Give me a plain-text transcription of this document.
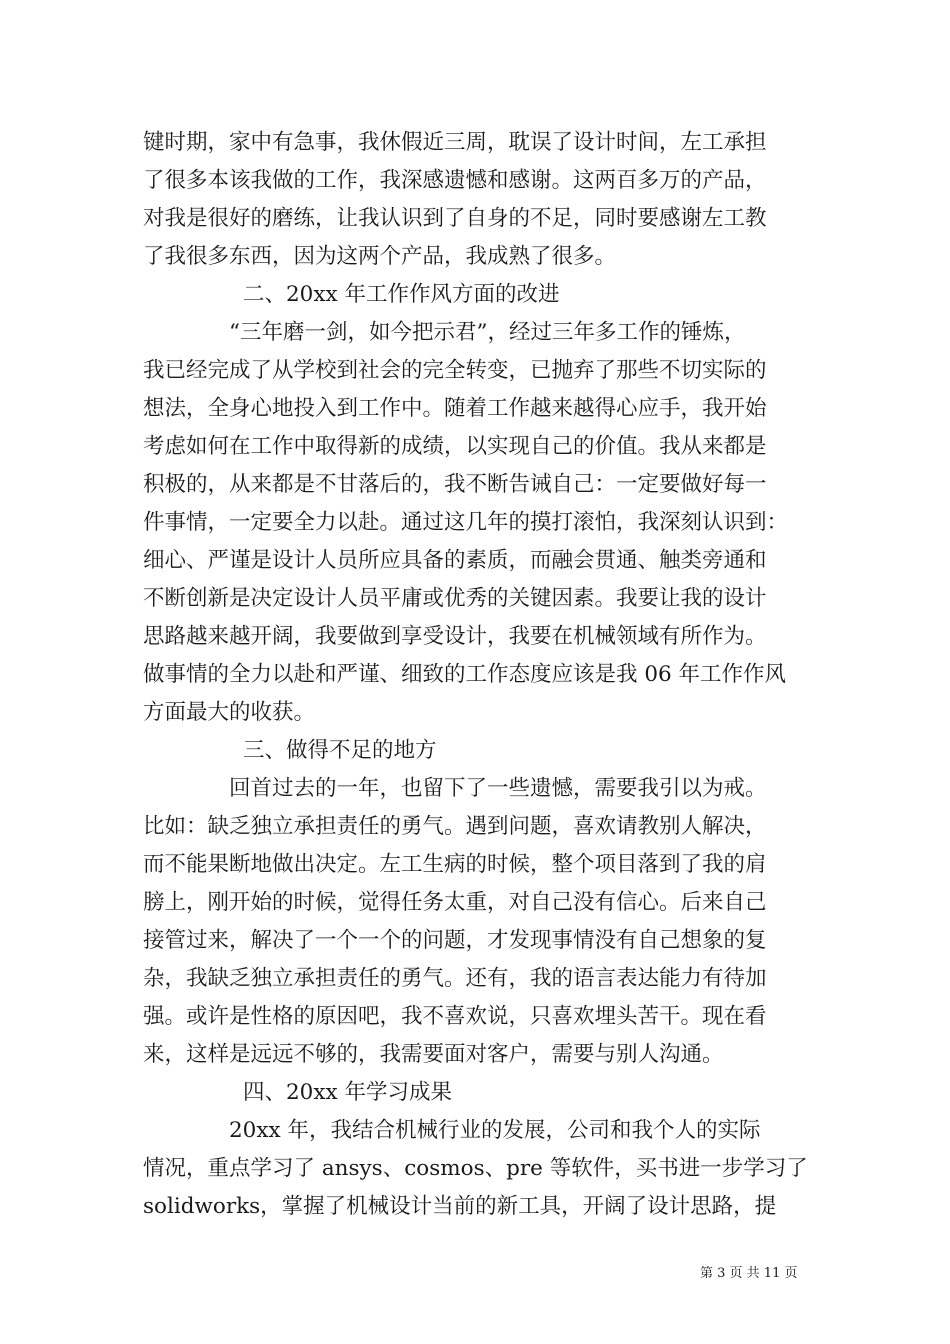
键时期，家中有急事，我休假近三周，耽误了设计时间，左工承担
了很多本该我做的工作，我深感遗憾和感谢。这两百多万的产品，
对我是很好的磨练，让我认识到了自身的不足，同时要感谢左工教
了我很多东西，因为这两个产品，我成熟了很多。
二、20xx 年工作作风方面的改进
“三年磨一剑，如今把示君”，经过三年多工作的锤炼，
我已经完成了从学校到社会的完全转变，已抛弃了那些不切实际的
想法，全身心地投入到工作中。随着工作越来越得心应手，我开始
考虑如何在工作中取得新的成绩，以实现自己的价值。我从来都是
积极的，从来都是不甘落后的，我不断告诫自己：一定要做好每一
件事情，一定要全力以赴。通过这几年的摸打滚怕，我深刻认识到：
细心、严谨是设计人员所应具备的素质，而融会贯通、触类旁通和
不断创新是决定设计人员平庸或优秀的关键因素。我要让我的设计
思路越来越开阔，我要做到享受设计，我要在机械领域有所作为。
做事情的全力以赴和严谨、细致的工作态度应该是我 06 年工作作风
方面最大的收获。
三、做得不足的地方
回首过去的一年，也留下了一些遗憾，需要我引以为戒。
比如：缺乏独立承担责任的勇气。遇到问题，喜欢请教别人解决，
而不能果断地做出决定。左工生病的时候，整个项目落到了我的肩
膀上，刚开始的时候，觉得任务太重，对自己没有信心。后来自己
接管过来，解决了一个一个的问题，才发现事情没有自己想象的复
杂，我缺乏独立承担责任的勇气。还有，我的语言表达能力有待加
强。或许是性格的原因吧，我不喜欢说，只喜欢埋头苦干。现在看
来，这样是远远不够的，我需要面对客户，需要与别人沟通。
四、20xx 年学习成果
20xx 年，我结合机械行业的发展，公司和我个人的实际
情况，重点学习了 ansys、cosmos、pre 等软件，买书进一步学习了
solidworks，掌握了机械设计当前的新工具，开阔了设计思路，提
第 3 页 共 11 页
